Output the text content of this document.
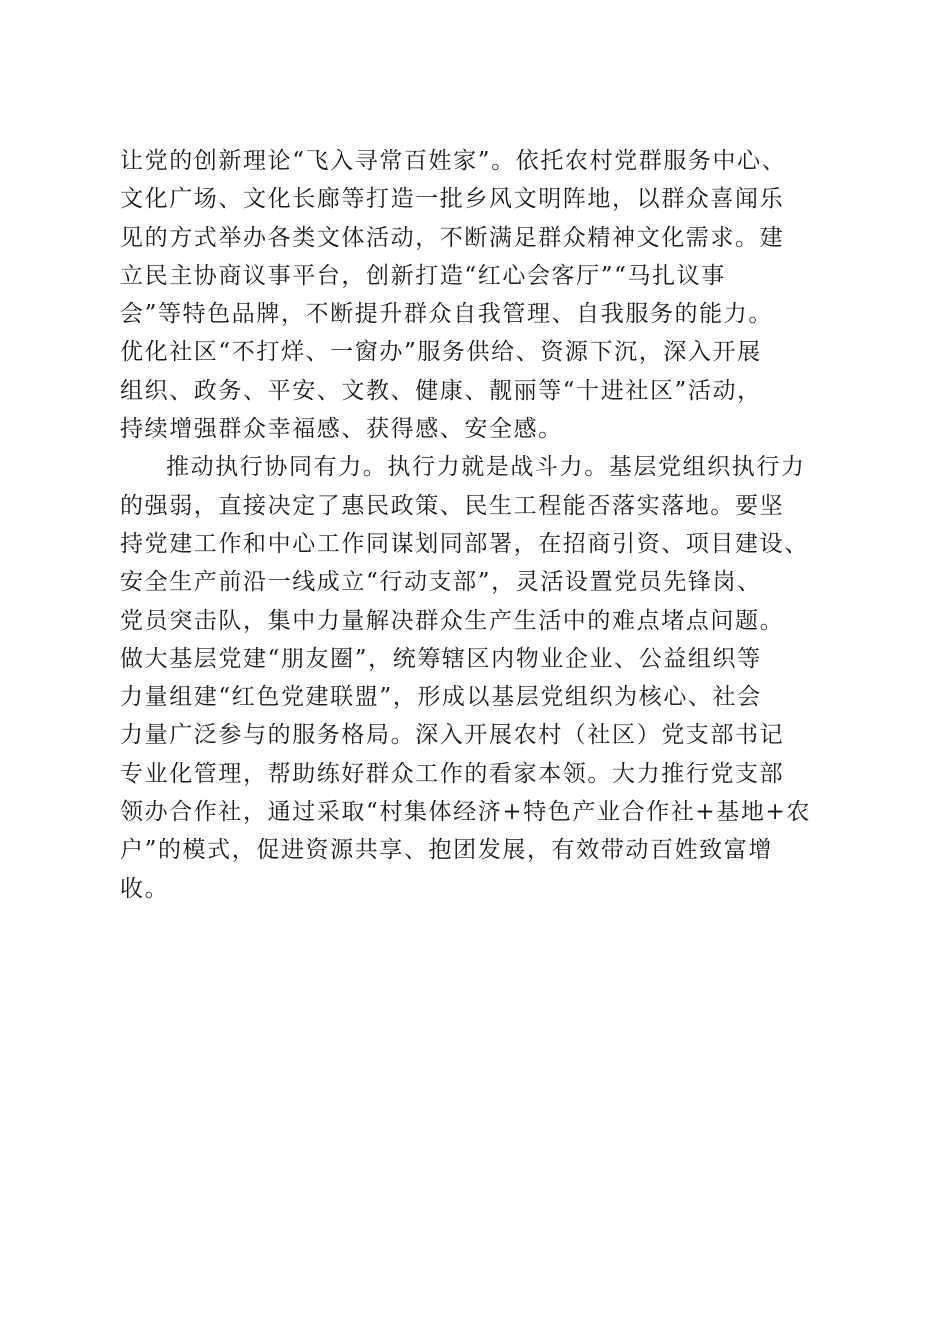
让党的创新理论“飞入寻常百姓家”。依托农村党群服务中心、
文化广场、文化长廊等打造一批乡风文明阵地，以群众喜闻乐
见的方式举办各类文体活动，不断满足群众精神文化需求。建
立民主协商议事平台，创新打造“红心会客厅”“马扎议事
会”等特色品牌，不断提升群众自我管理、自我服务的能力。
优化社区“不打烊、一窗办”服务供给、资源下沉，深入开展
组织、政务、平安、文教、健康、靓丽等“十进社区”活动，
持续增强群众幸福感、获得感、安全感。
推动执行协同有力。执行力就是战斗力。基层党组织执行力
的强弱，直接决定了惠民政策、民生工程能否落实落地。要坚
持党建工作和中心工作同谋划同部署，在招商引资、项目建设、
安全生产前沿一线成立“行动支部”，灵活设置党员先锋岗、
党员突击队，集中力量解决群众生产生活中的难点堵点问题。
做大基层党建“朋友圈”，统筹辖区内物业企业、公益组织等
力量组建“红色党建联盟”，形成以基层党组织为核心、社会
力量广泛参与的服务格局。深入开展农村（社区）党支部书记
专业化管理，帮助练好群众工作的看家本领。大力推行党支部
领办合作社，通过采取“村集体经济+特色产业合作社+基地+农
户”的模式，促进资源共享、抱团发展，有效带动百姓致富增
收。
